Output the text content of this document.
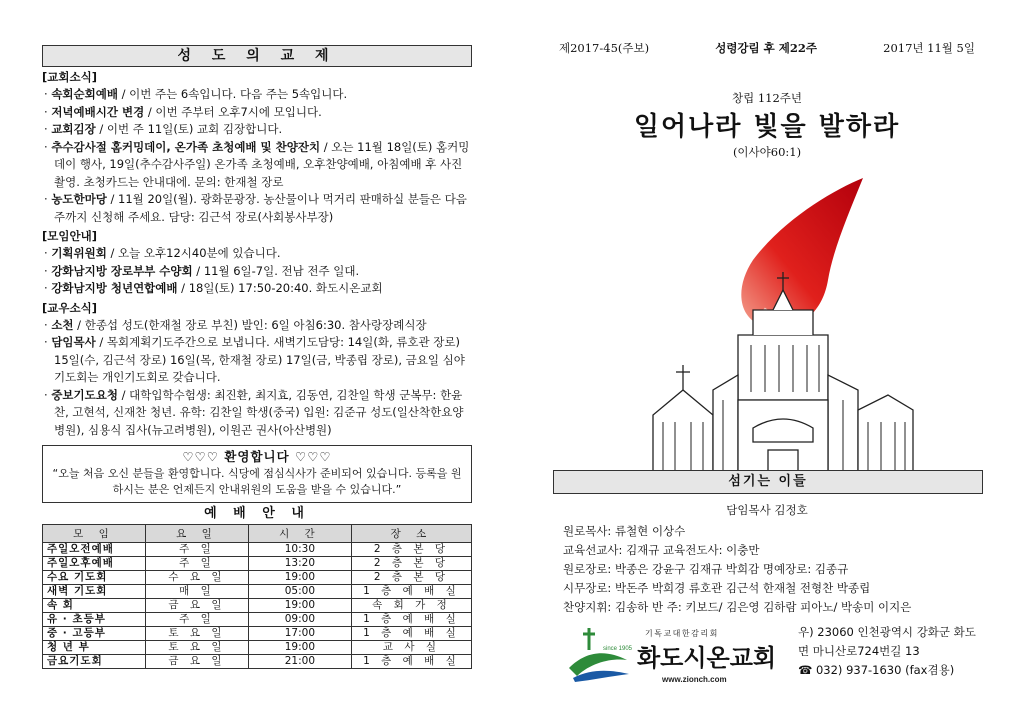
성 도 의 교 제
[교회소식]
· 속회순회예배 / 이번 주는 6속입니다. 다음 주는 5속입니다.
· 저녁예배시간 변경 / 이번 주부터 오후7시에 모입니다.
· 교회김장 / 이번 주 11일(토) 교회 김장합니다.
· 추수감사절 홈커밍데이, 온가족 초청예배 및 찬양잔치 / 오는 11월 18일(토) 홈커밍데이 행사, 19일(추수감사주일) 온가족 초청예배, 오후찬양예배, 아침예배 후 사진촬영. 초청카드는 안내대에. 문의: 한재철 장로
· 농도한마당 / 11월 20일(월). 광화문광장. 농산물이나 먹거리 판매하실 분들은 다음 주까지 신청해 주세요. 담당: 김근석 장로(사회봉사부장)
[모임안내]
· 기획위원회 / 오늘 오후12시40분에 있습니다.
· 강화남지방 장로부부 수양회 / 11월 6일-7일. 전남 전주 일대.
· 강화남지방 청년연합예배 / 18일(토) 17:50-20:40. 화도시온교회
[교우소식]
· 소천 / 한종섭 성도(한재철 장로 부친) 발인: 6일 아침6:30. 참사랑장례식장
· 담임목사 / 목회계획기도주간으로 보냅니다. 새벽기도담당: 14일(화, 류호관 장로) 15일(수, 김근석 장로) 16일(목, 한재철 장로) 17일(금, 박종립 장로), 금요일 심야기도회는 개인기도회로 갖습니다.
· 중보기도요청 / 대학입학수험생: 최진환, 최지효, 김동연, 김찬일 학생 군복무: 한윤찬, 고현석, 신재찬 청년. 유학: 김찬일 학생(중국) 입원: 김준규 성도(일산착한요양병원), 심용식 집사(뉴고려병원), 이원곤 권사(아산병원)
♡♡♡ 환영합니다 ♡♡♡
“오늘 처음 오신 분들을 환영합니다. 식당에 점심식사가 준비되어 있습니다. 등록을 원하시는 분은 언제든지 안내위원의 도움을 받을 수 있습니다.”
예 배 안 내
모 임	요 일	시 간	장 소
주일오전예배	주 일	10:30	2 층 본 당
주일오후예배	주 일	13:20	2 층 본 당
수요 기도회	수 요 일	19:00	2 층 본 당
새벽 기도회	매 일	05:00	1 층 예 배 실
속 회	금 요 일	19:00	속 회 가 정
유 · 초등부	주 일	09:00	1 층 예 배 실
중 · 고등부	토 요 일	17:00	1 층 예 배 실
청 년 부	토 요 일	19:00	교 사 실
금요기도회	금 요 일	21:00	1 층 예 배 실
제2017-45(주보)	성령강림 후 제22주	2017년 11월 5일
창립 112주년
일어나라 빛을 발하라
(이사야60:1)
섬기는 이들
담임목사 김정호
원로목사: 류철현 이상수
교육선교사: 김재규 교육전도사: 이충만
원로장로: 박종은 강윤구 김재규 박희감 명예장로: 김종규
시무장로: 박돈주 박희경 류호관 김근석 한재철 전형찬 박종립
찬양지휘: 김송하 반 주: 키보드/ 김은영 김하람 피아노/ 박송미 이지은
since 1905
기독교대한감리회
화도시온교회
www.zionch.com
우) 23060 인천광역시 강화군 화도
면 마니산로724번길 13
☎ 032) 937-1630 (fax겸용)
